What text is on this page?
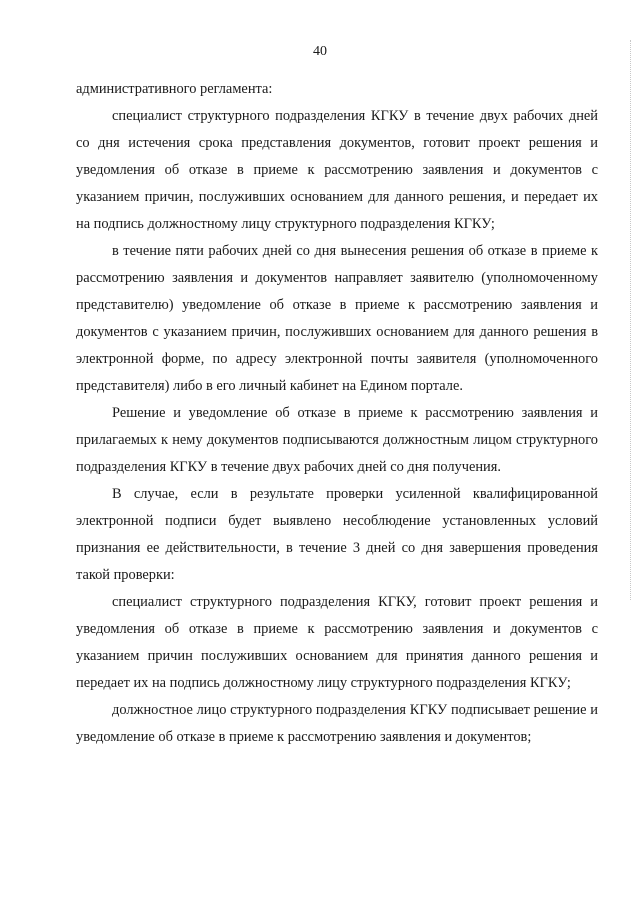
40

административного регламента:

специалист структурного подразделения КГКУ в течение двух рабочих дней со дня истечения срока представления документов, готовит проект решения и уведомления об отказе в приеме к рассмотрению заявления и документов с указанием причин, послуживших основанием для данного решения, и передает их на подпись должностному лицу структурного подразделения КГКУ;

в течение пяти рабочих дней со дня вынесения решения об отказе в приеме к рассмотрению заявления и документов направляет заявителю (уполномоченному представителю) уведомление об отказе в приеме к рассмотрению заявления и документов с указанием причин, послуживших основанием для данного решения в электронной форме, по адресу электронной почты заявителя (уполномоченного представителя) либо в его личный кабинет на Едином портале.

Решение и уведомление об отказе в приеме к рассмотрению заявления и прилагаемых к нему документов подписываются должностным лицом структурного подразделения КГКУ в течение двух рабочих дней со дня получения.

В случае, если в результате проверки усиленной квалифицированной электронной подписи будет выявлено несоблюдение установленных условий признания ее действительности, в течение 3 дней со дня завершения проведения такой проверки:

специалист структурного подразделения КГКУ, готовит проект решения и уведомления об отказе в приеме к рассмотрению заявления и документов с указанием причин послуживших основанием для принятия данного решения и передает их на подпись должностному лицу структурного подразделения КГКУ;

должностное лицо структурного подразделения КГКУ подписывает решение и уведомление об отказе в приеме к рассмотрению заявления и документов;
